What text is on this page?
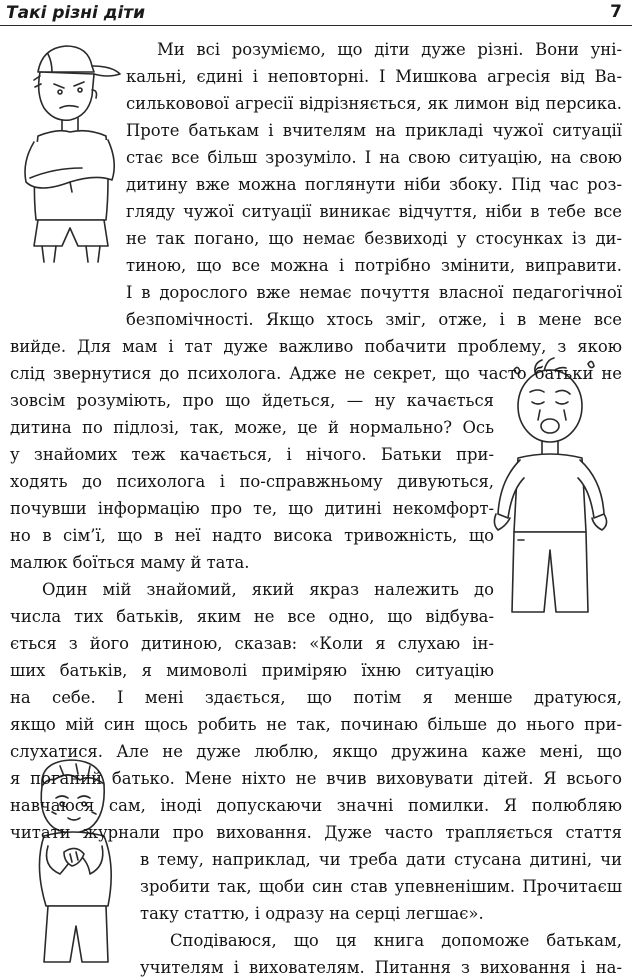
Такі різні діти	7
Ми всі розуміємо, що діти дуже різні. Вони уні-
кальні, єдині і неповторні. І Мишкова агресія від Ва-
сильковової агресії відрізняється, як лимон від персика.
Проте батькам і вчителям на прикладі чужої ситуації
стає все більш зрозуміло. І на свою ситуацію, на свою
дитину вже можна поглянути ніби збоку. Під час роз-
гляду чужої ситуації виникає відчуття, ніби в тебе все
не так погано, що немає безвиході у стосунках із ди-
тиною, що все можна і потрібно змінити, виправити.
І в дорослого вже немає почуття власної педагогічної
безпомічності. Якщо хтось зміг, отже, і в мене все
вийде. Для мам і тат дуже важливо побачити проблему, з якою
слід звернутися до психолога. Адже не секрет, що часто батьки не
зовсім розуміють, про що йдеться, — ну качається
дитина по підлозі, так, може, це й нормально? Ось
у знайомих теж качається, і нічого. Батьки при-
ходять до психолога і по-справжньому дивуються,
почувши інформацію про те, що дитині некомфорт-
но в сім’ї, що в неї надто висока тривожність, що
малюк боїться маму й тата.
Один мій знайомий, який якраз належить до
числа тих батьків, яким не все одно, що відбува-
ється з його дитиною, сказав: «Коли я слухаю ін-
ших батьків, я мимоволі приміряю їхню ситуацію
на себе. І мені здається, що потім я менше дратуюся,
якщо мій син щось робить не так, починаю більше до нього при-
слухатися. Але не дуже люблю, якщо дружина каже мені, що
я поганий батько. Мене ніхто не вчив виховувати дітей. Я всього
навчаюся сам, іноді допускаючи значні помилки. Я полюбляю
читати журнали про виховання. Дуже часто трапляється стаття
в тему, наприклад, чи треба дати стусана дитині, чи
зробити так, щоби син став упевненішим. Прочитаєш
таку статтю, і одразу на серці легшає».
Сподіваюся, що ця книга допоможе батькам,
учителям і вихователям. Питання з виховання і на-
